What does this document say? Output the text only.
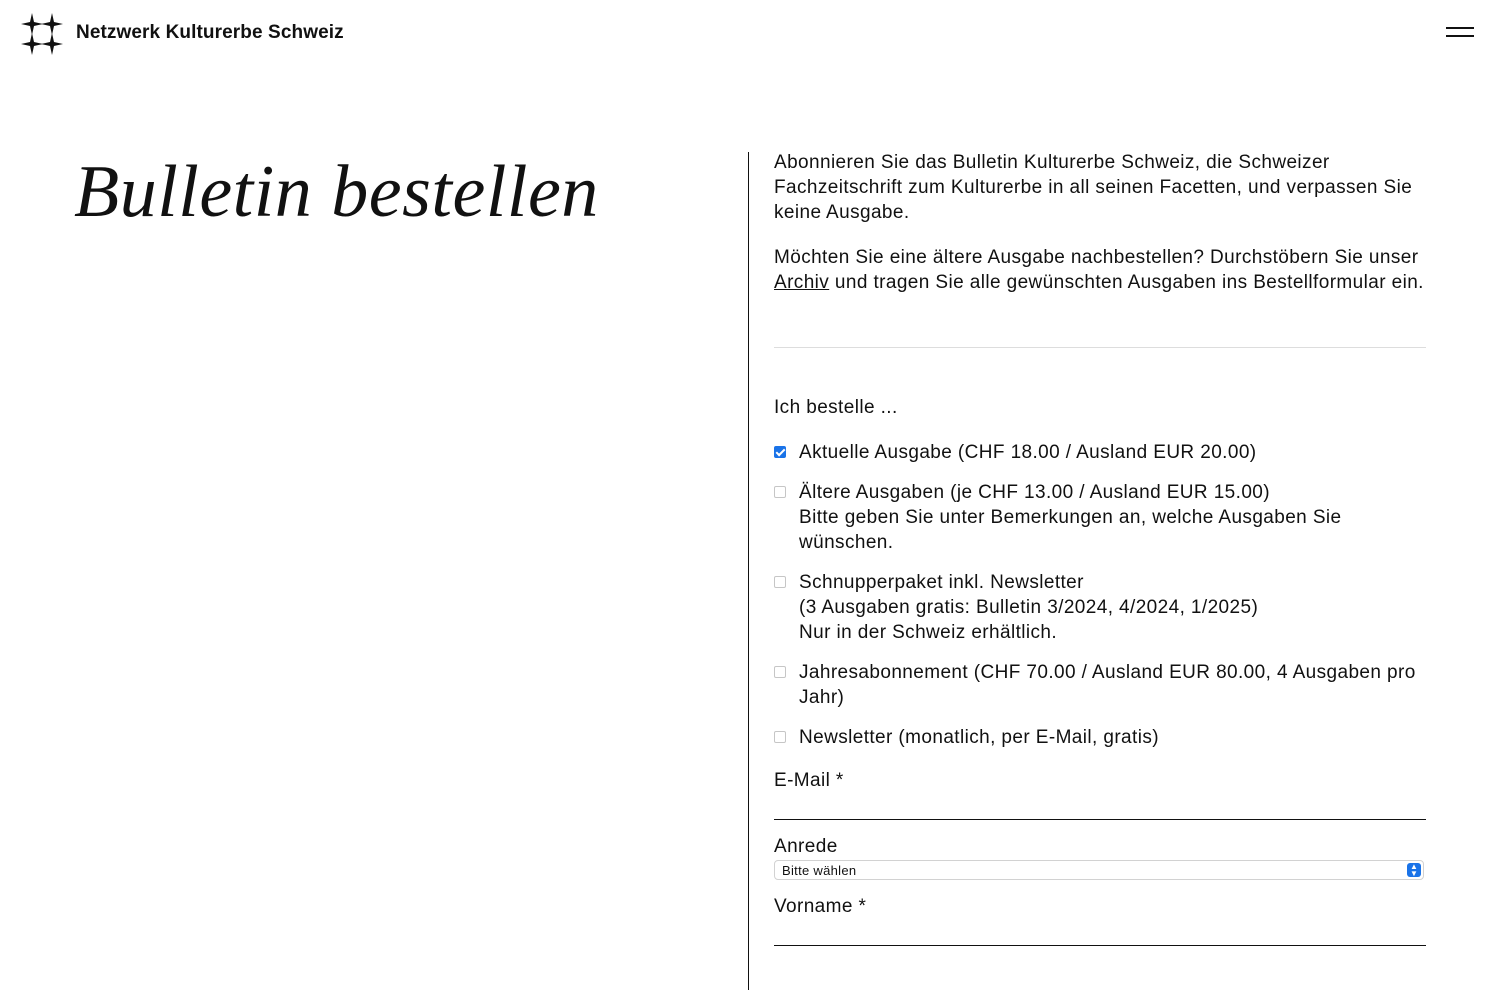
Netzwerk Kulturerbe Schweiz
Bulletin bestellen	Abonnieren Sie das Bulletin Kulturerbe Schweiz, die Schweizer Fachzeitschrift zum Kulturerbe in all seinen Facetten, und verpassen Sie keine Ausgabe.

Möchten Sie eine ältere Ausgabe nachbestellen? Durchstöbern Sie unser Archiv und tragen Sie alle gewünschten Ausgaben ins Bestellformular ein.

Ich bestelle ...

Aktuelle Ausgabe (CHF 18.00 / Ausland EUR 20.00)
Ältere Ausgaben (je CHF 13.00 / Ausland EUR 15.00)
Bitte geben Sie unter Bemerkungen an, welche Ausgaben Sie wünschen.
Schnupperpaket inkl. Newsletter
(3 Ausgaben gratis: Bulletin 3/2024, 4/2024, 1/2025)
Nur in der Schweiz erhältlich.
Jahresabonnement (CHF 70.00 / Ausland EUR 80.00, 4 Ausgaben pro Jahr)
Newsletter (monatlich, per E-Mail, gratis)
E-Mail *
Anrede
Bitte wählen	▲
▼
Vorname *
